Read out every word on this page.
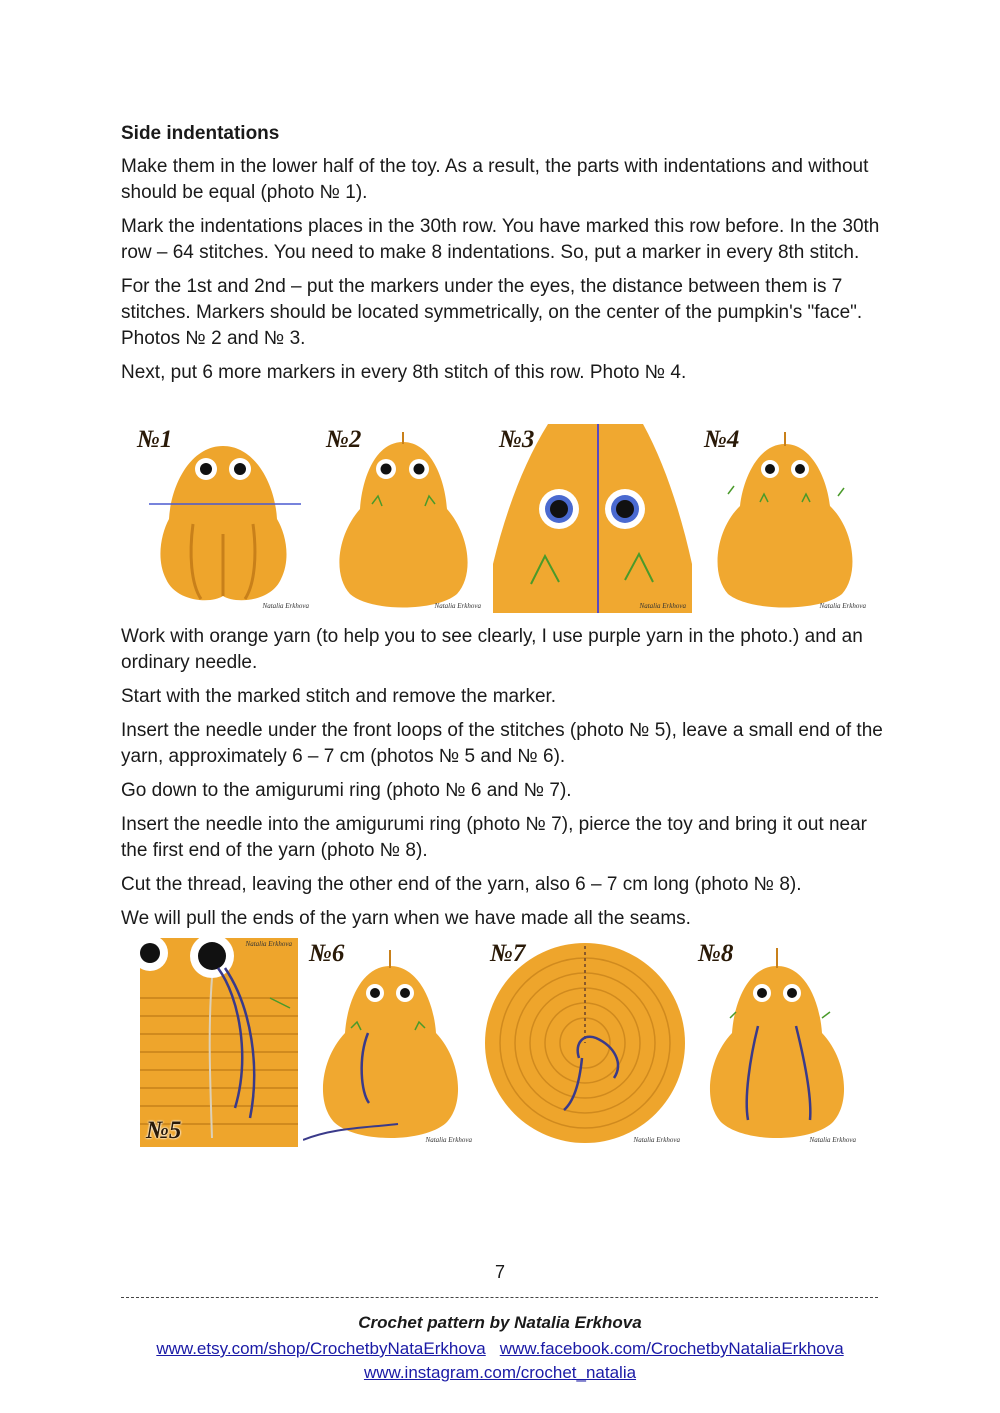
Side indentations

Make them in the lower half of the toy. As a result, the parts with indentations and without should be equal (photo № 1).

Mark the indentations places in the 30th row. You have marked this row before. In the 30th row – 64 stitches. You need to make 8 indentations. So, put a marker in every 8th stitch.

For the 1st and 2nd – put the markers under the eyes, the distance between them is 7 stitches. Markers should be located symmetrically, on the center of the pumpkin's "face". Photos № 2 and № 3.

Next, put 6 more markers in every 8th stitch of this row. Photo № 4.

№1
Natalia Erkhova
№2
Natalia Erkhova
№3
Natalia Erkhova
№4
Natalia Erkhova

Work with orange yarn (to help you to see clearly, I use purple yarn in the photo.) and an ordinary needle.

Start with the marked stitch and remove the marker.

Insert the needle under the front loops of the stitches (photo № 5), leave a small end of the yarn, approximately 6 – 7 cm (photos № 5 and № 6).

Go down to the amigurumi ring (photo № 6 and № 7).

Insert the needle into the amigurumi ring (photo № 7), pierce the toy and bring it out near the first end of the yarn (photo № 8).

Cut the thread, leaving the other end of the yarn, also 6 – 7 cm long (photo № 8).

We will pull the ends of the yarn when we have made all the seams.

Natalia Erkhova
№5
№6
Natalia Erkhova
№7
Natalia Erkhova
№8
Natalia Erkhova
7
Crochet pattern by Natalia Erkhova
www.etsy.com/shop/CrochetbyNataErkhova www.facebook.com/CrochetbyNataliaErkhova
www.instagram.com/crochet_natalia
